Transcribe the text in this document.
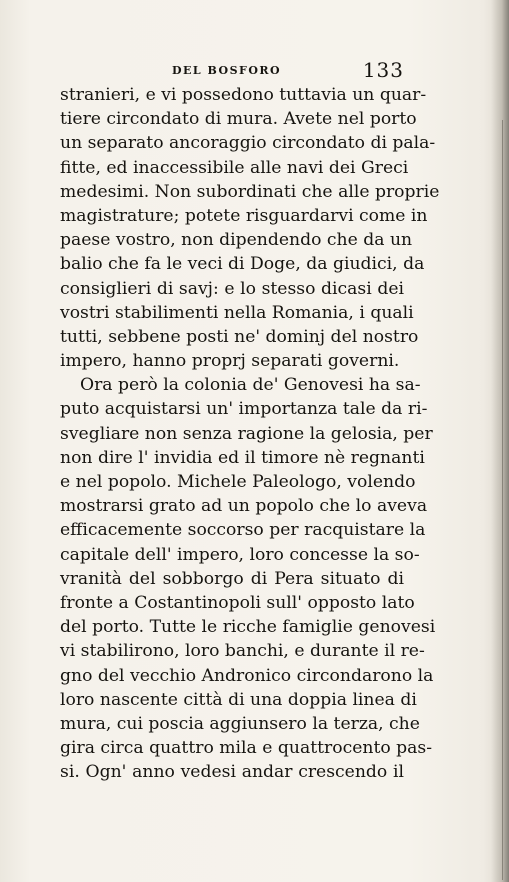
DEL BOSFORO	133
stranieri, e vi possedono tuttavia un quar-
tiere circondato di mura. Avete nel porto
un separato ancoraggio circondato di pala-
fitte, ed inaccessibile alle navi dei Greci
medesimi. Non subordinati che alle proprie
magistrature; potete risguardarvi come in
paese vostro, non dipendendo che da un
balio che fa le veci di Doge, da giudici, da
consiglieri di savj: e lo stesso dicasi dei
vostri stabilimenti nella Romania, i quali
tutti, sebbene posti ne' dominj del nostro
impero, hanno proprj separati governi.
Ora però la colonia de' Genovesi ha sa-
puto acquistarsi un' importanza tale da ri-
svegliare non senza ragione la gelosia, per
non dire l' invidia ed il timore nè regnanti
e nel popolo. Michele Paleologo, volendo
mostrarsi grato ad un popolo che lo aveva
efficacemente soccorso per racquistare la
capitale dell' impero, loro concesse la so-
vranità del sobborgo di Pera situato di
fronte a Costantinopoli sull' opposto lato
del porto. Tutte le ricche famiglie genovesi
vi stabilirono, loro banchi, e durante il re-
gno del vecchio Andronico circondarono la
loro nascente città di una doppia linea di
mura, cui poscia aggiunsero la terza, che
gira circa quattro mila e quattrocento pas-
si. Ogn' anno vedesi andar crescendo il
